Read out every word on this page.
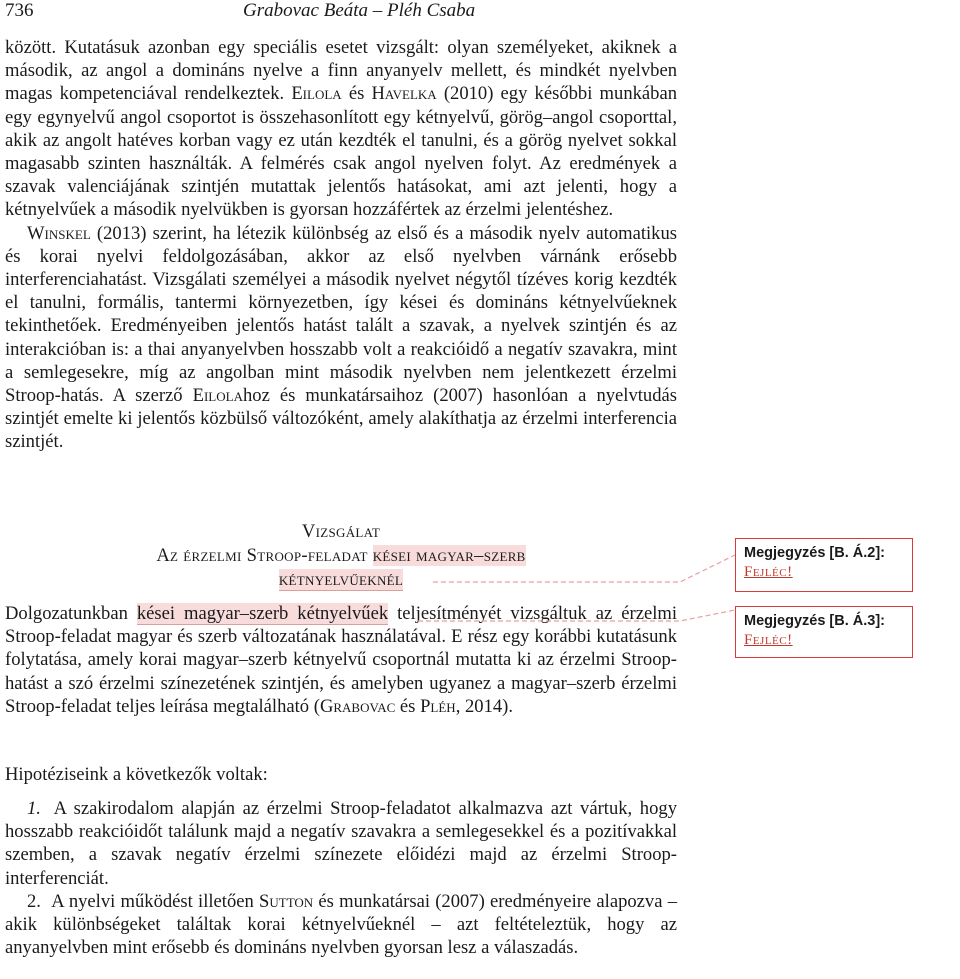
736	Grabovac Beáta – Pléh Csaba

között. Kutatásuk azonban egy speciális esetet vizsgált: olyan személyeket, akiknek a második, az angol a domináns nyelve a finn anyanyelv mellett, és mindkét nyelvben magas kompetenciával rendelkeztek. Eilola és Havelka (2010) egy későbbi munkában egy egynyelvű angol csoportot is összehasonlított egy kétnyelvű, görög–angol csoporttal, akik az angolt hatéves korban vagy ez után kezdték el tanulni, és a görög nyelvet sokkal magasabb szinten használták. A felmérés csak angol nyelven folyt. Az eredmények a szavak valenciájának szintjén mutattak jelentős hatásokat, ami azt jelenti, hogy a kétnyelvűek a második nyelvükben is gyorsan hozzáfértek az érzelmi jelentéshez.

Winskel (2013) szerint, ha létezik különbség az első és a második nyelv automatikus és korai nyelvi feldolgozásában, akkor az első nyelvben várnánk erősebb interferenciahatást. Vizsgálati személyei a második nyelvet négytől tízéves korig kezdték el tanulni, formális, tantermi környezetben, így kései és domináns kétnyelvűeknek tekinthetőek. Eredményeiben jelentős hatást talált a szavak, a nyelvek szintjén és az interakcióban is: a thai anyanyelvben hosszabb volt a reakcióidő a negatív szavakra, mint a semlegesekre, míg az angolban mint második nyelvben nem jelentkezett érzelmi Stroop-hatás. A szerző Eilolahoz és munkatársaihoz (2007) hasonlóan a nyelvtudás szintjét emelte ki jelentős közbülső változóként, amely alakíthatja az érzelmi interferencia szintjét.

Vizsgálat
Az érzelmi Stroop-feladat kései magyar–szerb
kétnyelvűeknél

Dolgozatunkban kései magyar–szerb kétnyelvűek teljesítményét vizsgáltuk az érzelmi Stroop-feladat magyar és szerb változatának használatával. E rész egy korábbi kutatásunk folytatása, amely korai magyar–szerb kétnyelvű csoportnál mutatta ki az érzelmi Stroop-hatást a szó érzelmi színezetének szintjén, és amelyben ugyanez a magyar–szerb érzelmi Stroop-feladat teljes leírása megtalálható (Grabovac és Pléh, 2014).

Hipotéziseink a következők voltak:

1. A szakirodalom alapján az érzelmi Stroop-feladatot alkalmazva azt vártuk, hogy hosszabb reakcióidőt találunk majd a negatív szavakra a semlegesekkel és a pozitívakkal szemben, a szavak negatív érzelmi színezete előidézi majd az érzelmi Stroop-interferenciát.

2. A nyelvi működést illetően Sutton és munkatársai (2007) eredményeire alapozva – akik különbségeket találtak korai kétnyelvűeknél – azt feltételeztük, hogy az anyanyelvben mint erősebb és domináns nyelvben gyorsan lesz a válaszadás.

Megjegyzés [B. Á.2]:
Fejléc!
Megjegyzés [B. Á.3]:
Fejléc!
